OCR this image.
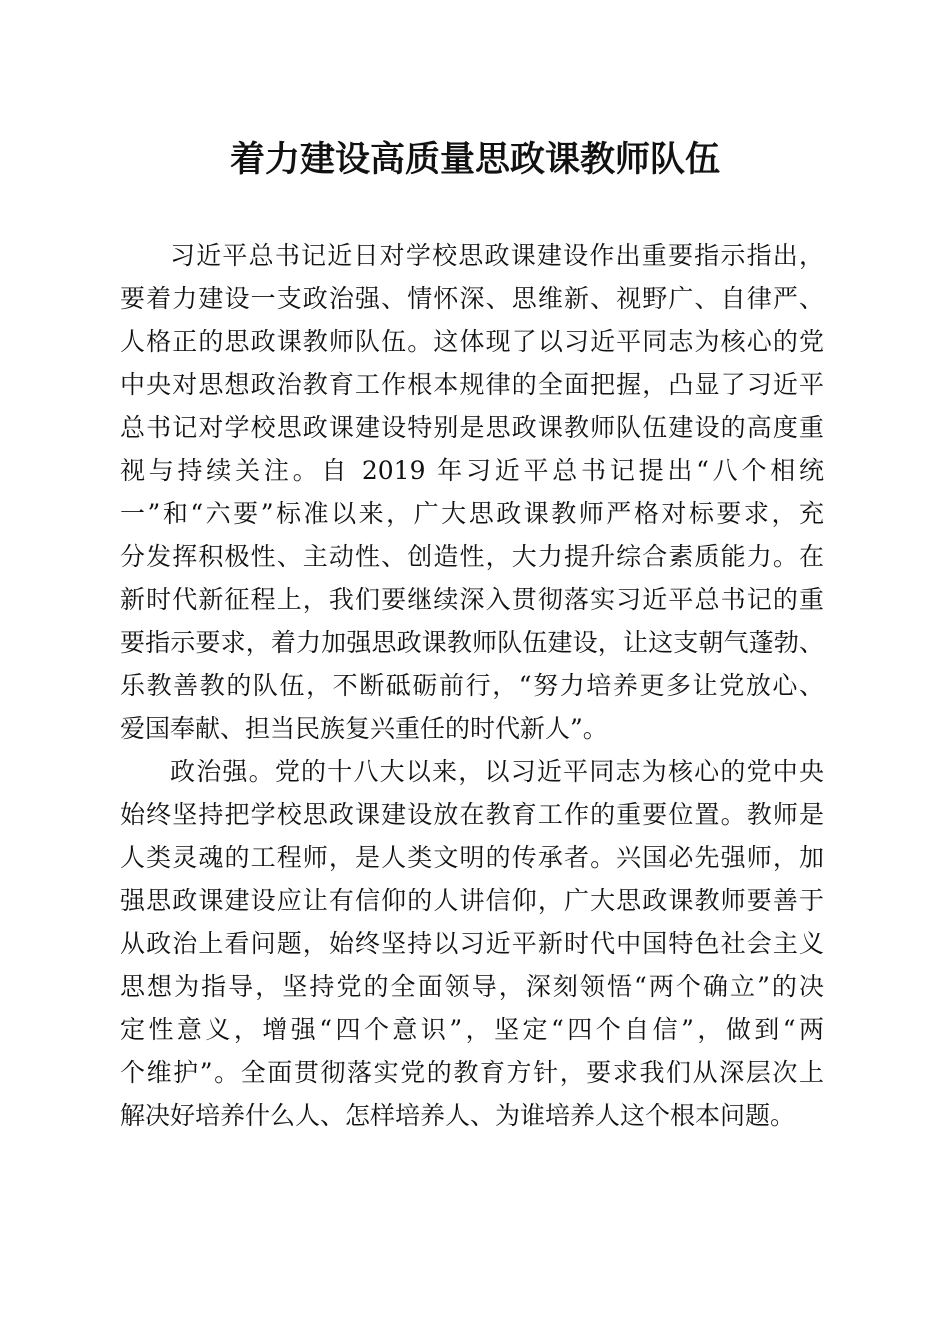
着力建设高质量思政课教师队伍

习近平总书记近日对学校思政课建设作出重要指示指出，

要着力建设一支政治强、情怀深、思维新、视野广、自律严、

人格正的思政课教师队伍。这体现了以习近平同志为核心的党

中央对思想政治教育工作根本规律的全面把握，凸显了习近平

总书记对学校思政课建设特别是思政课教师队伍建设的高度重

视与持续关注。自 2019 年习近平总书记提出“八个相统

一”和“六要”标准以来，广大思政课教师严格对标要求，充

分发挥积极性、主动性、创造性，大力提升综合素质能力。在

新时代新征程上，我们要继续深入贯彻落实习近平总书记的重

要指示要求，着力加强思政课教师队伍建设，让这支朝气蓬勃、

乐教善教的队伍，不断砥砺前行，“努力培养更多让党放心、

爱国奉献、担当民族复兴重任的时代新人”。

政治强。党的十八大以来，以习近平同志为核心的党中央

始终坚持把学校思政课建设放在教育工作的重要位置。教师是

人类灵魂的工程师，是人类文明的传承者。兴国必先强师，加

强思政课建设应让有信仰的人讲信仰，广大思政课教师要善于

从政治上看问题，始终坚持以习近平新时代中国特色社会主义

思想为指导，坚持党的全面领导，深刻领悟“两个确立”的决

定性意义，增强“四个意识”，坚定“四个自信”，做到“两

个维护”。全面贯彻落实党的教育方针，要求我们从深层次上

解决好培养什么人、怎样培养人、为谁培养人这个根本问题。
